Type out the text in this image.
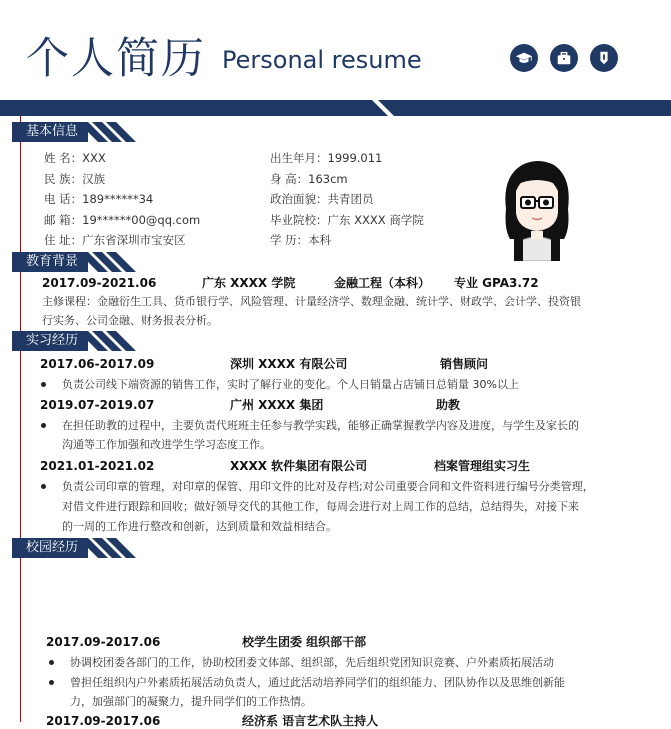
个人简历 Personal resume
基本信息
姓 名：XXX
民 族：汉族
电 话：189******34
邮 箱：19******00@qq.com
住 址：广东省深圳市宝安区
出生年月：1999.011
身 高：163cm
政治面貌：共青团员
毕业院校：广东 XXXX 商学院
学 历：本科
教育背景
2017.09-2021.06	广东 XXXX 学院	金融工程（本科） 专业 GPA3.72
主修课程：金融衍生工具、货币银行学、风险管理、计量经济学、数理金融、统计学、财政学、会计学、投资银
行实务、公司金融、财务报表分析。
实习经历
2017.06-2017.09	深圳 XXXX 有限公司	销售顾问
负责公司线下端资源的销售工作，实时了解行业的变化。个人日销量占店铺日总销量 30%以上
2019.07-2019.07	广州 XXXX 集团	助教
在担任助教的过程中，主要负责代班班主任参与教学实践，能够正确掌握教学内容及进度，与学生及家长的
沟通等工作加强和改进学生学习态度工作。
2021.01-2021.02	XXXX 软件集团有限公司	档案管理组实习生
负责公司印章的管理，对印章的保管、用印文件的比对及存档;对公司重要合同和文件资料进行编号分类管理，
对借文件进行跟踪和回收；做好领导交代的其他工作，每周会进行对上周工作的总结，总结得失，对接下来
的一周的工作进行整改和创新，达到质量和效益相结合。
校园经历
2017.09-2017.06	校学生团委 组织部干部
协调校团委各部门的工作，协助校团委文体部、组织部，先后组织党团知识竞赛、户外素质拓展活动
曾担任组织内户外素质拓展活动负责人，通过此活动培养同学们的组织能力、团队协作以及思维创新能
力，加强部门的凝聚力，提升同学们的工作热情。
2017.09-2017.06	经济系 语言艺术队主持人
